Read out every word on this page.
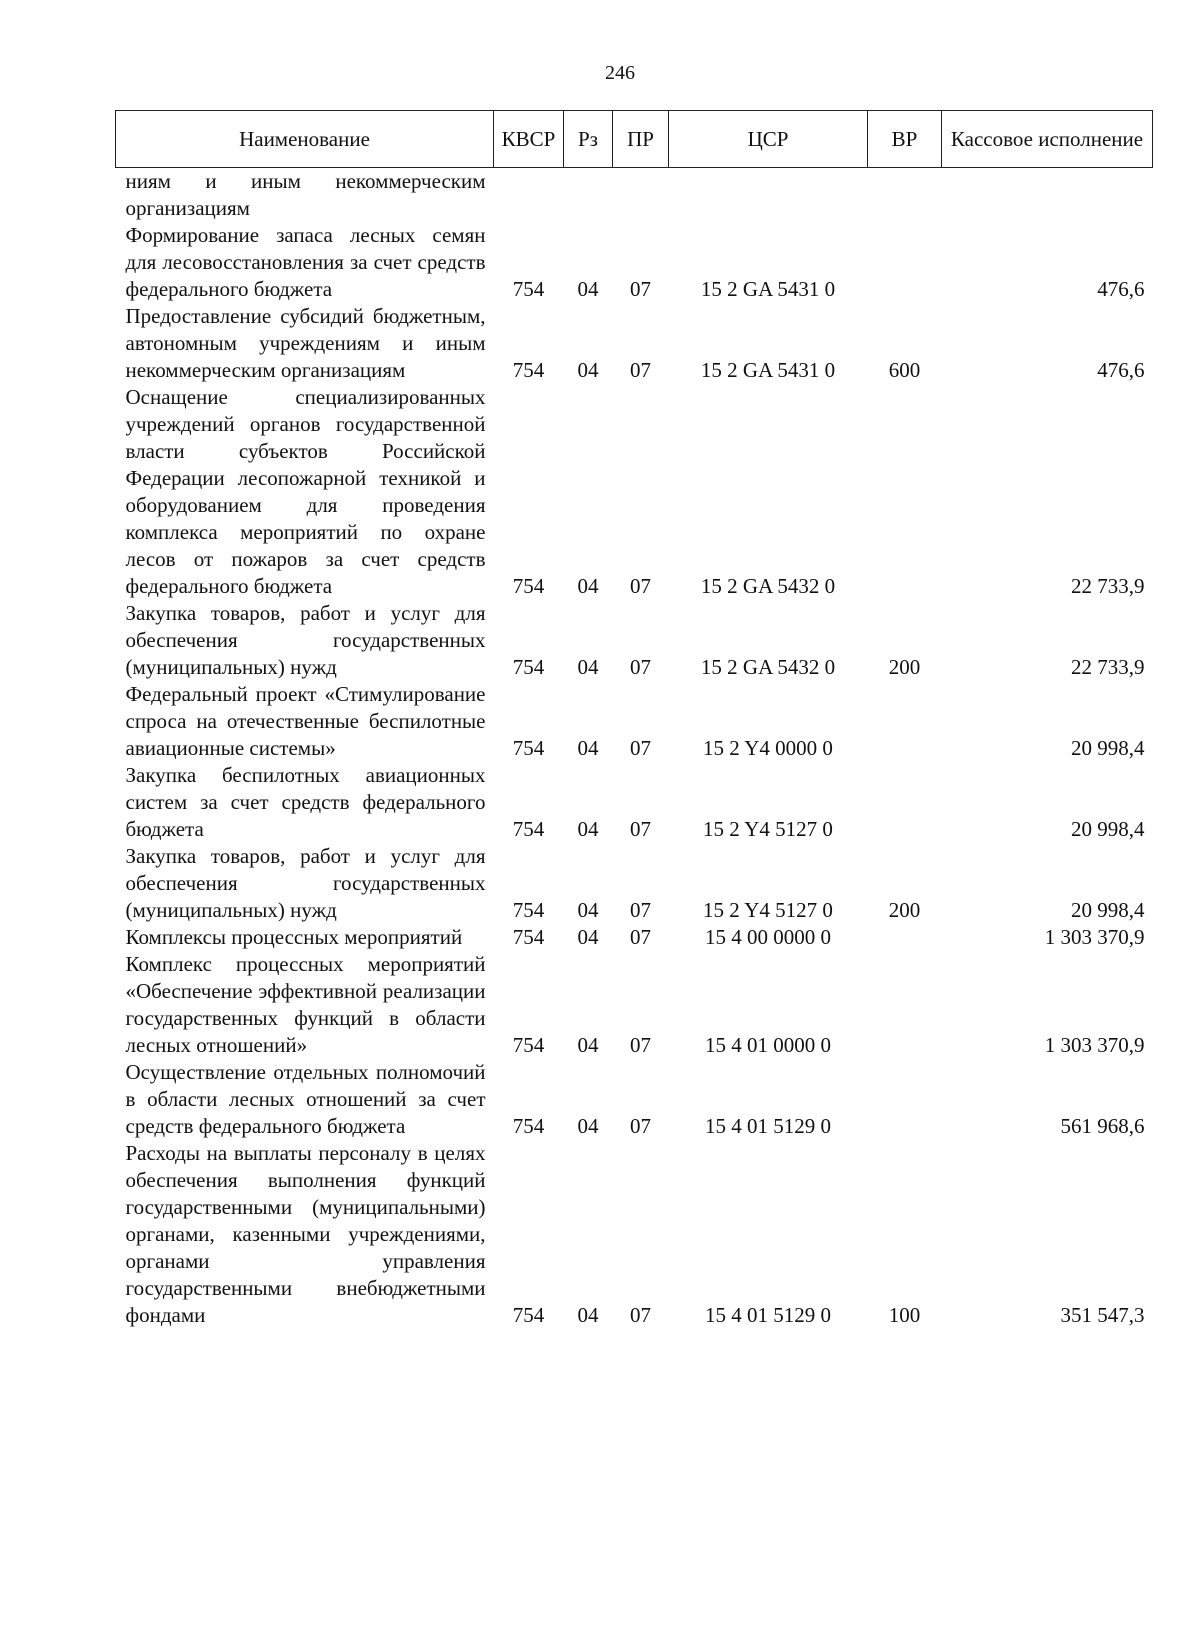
246
Наименование	КВСР	Рз	ПР	ЦСР	ВР	Кассовое исполнение
ниям и иным некоммерческим организациям						
Формирование запаса лесных семян для лесовосстановления за счет средств федерального бюджета	754	04	07	15 2 GA 5431 0		476,6
Предоставление субсидий бюджетным, автономным учреждениям и иным некоммерческим организациям	754	04	07	15 2 GA 5431 0	600	476,6
Оснащение специализированных учреждений органов государственной власти субъектов Российской Федерации лесопожарной техникой и оборудованием для проведения комплекса мероприятий по охране лесов от пожаров за счет средств федерального бюджета	754	04	07	15 2 GA 5432 0		22 733,9
Закупка товаров, работ и услуг для обеспечения государственных (муниципальных) нужд	754	04	07	15 2 GA 5432 0	200	22 733,9
Федеральный проект «Стимулирование спроса на отечественные беспилотные авиационные системы»	754	04	07	15 2 Y4 0000 0		20 998,4
Закупка беспилотных авиационных систем за счет средств федерального бюджета	754	04	07	15 2 Y4 5127 0		20 998,4
Закупка товаров, работ и услуг для обеспечения государственных (муниципальных) нужд	754	04	07	15 2 Y4 5127 0	200	20 998,4
Комплексы процессных мероприятий	754	04	07	15 4 00 0000 0		1 303 370,9
Комплекс процессных мероприятий «Обеспечение эффективной реализации государственных функций в области лесных отношений»	754	04	07	15 4 01 0000 0		1 303 370,9
Осуществление отдельных полномочий в области лесных отношений за счет средств федерального бюджета	754	04	07	15 4 01 5129 0		561 968,6
Расходы на выплаты персоналу в целях обеспечения выполнения функций государственными (муниципальными) органами, казенными учреждениями, органами управления государственными внебюджетными фондами	754	04	07	15 4 01 5129 0	100	351 547,3
